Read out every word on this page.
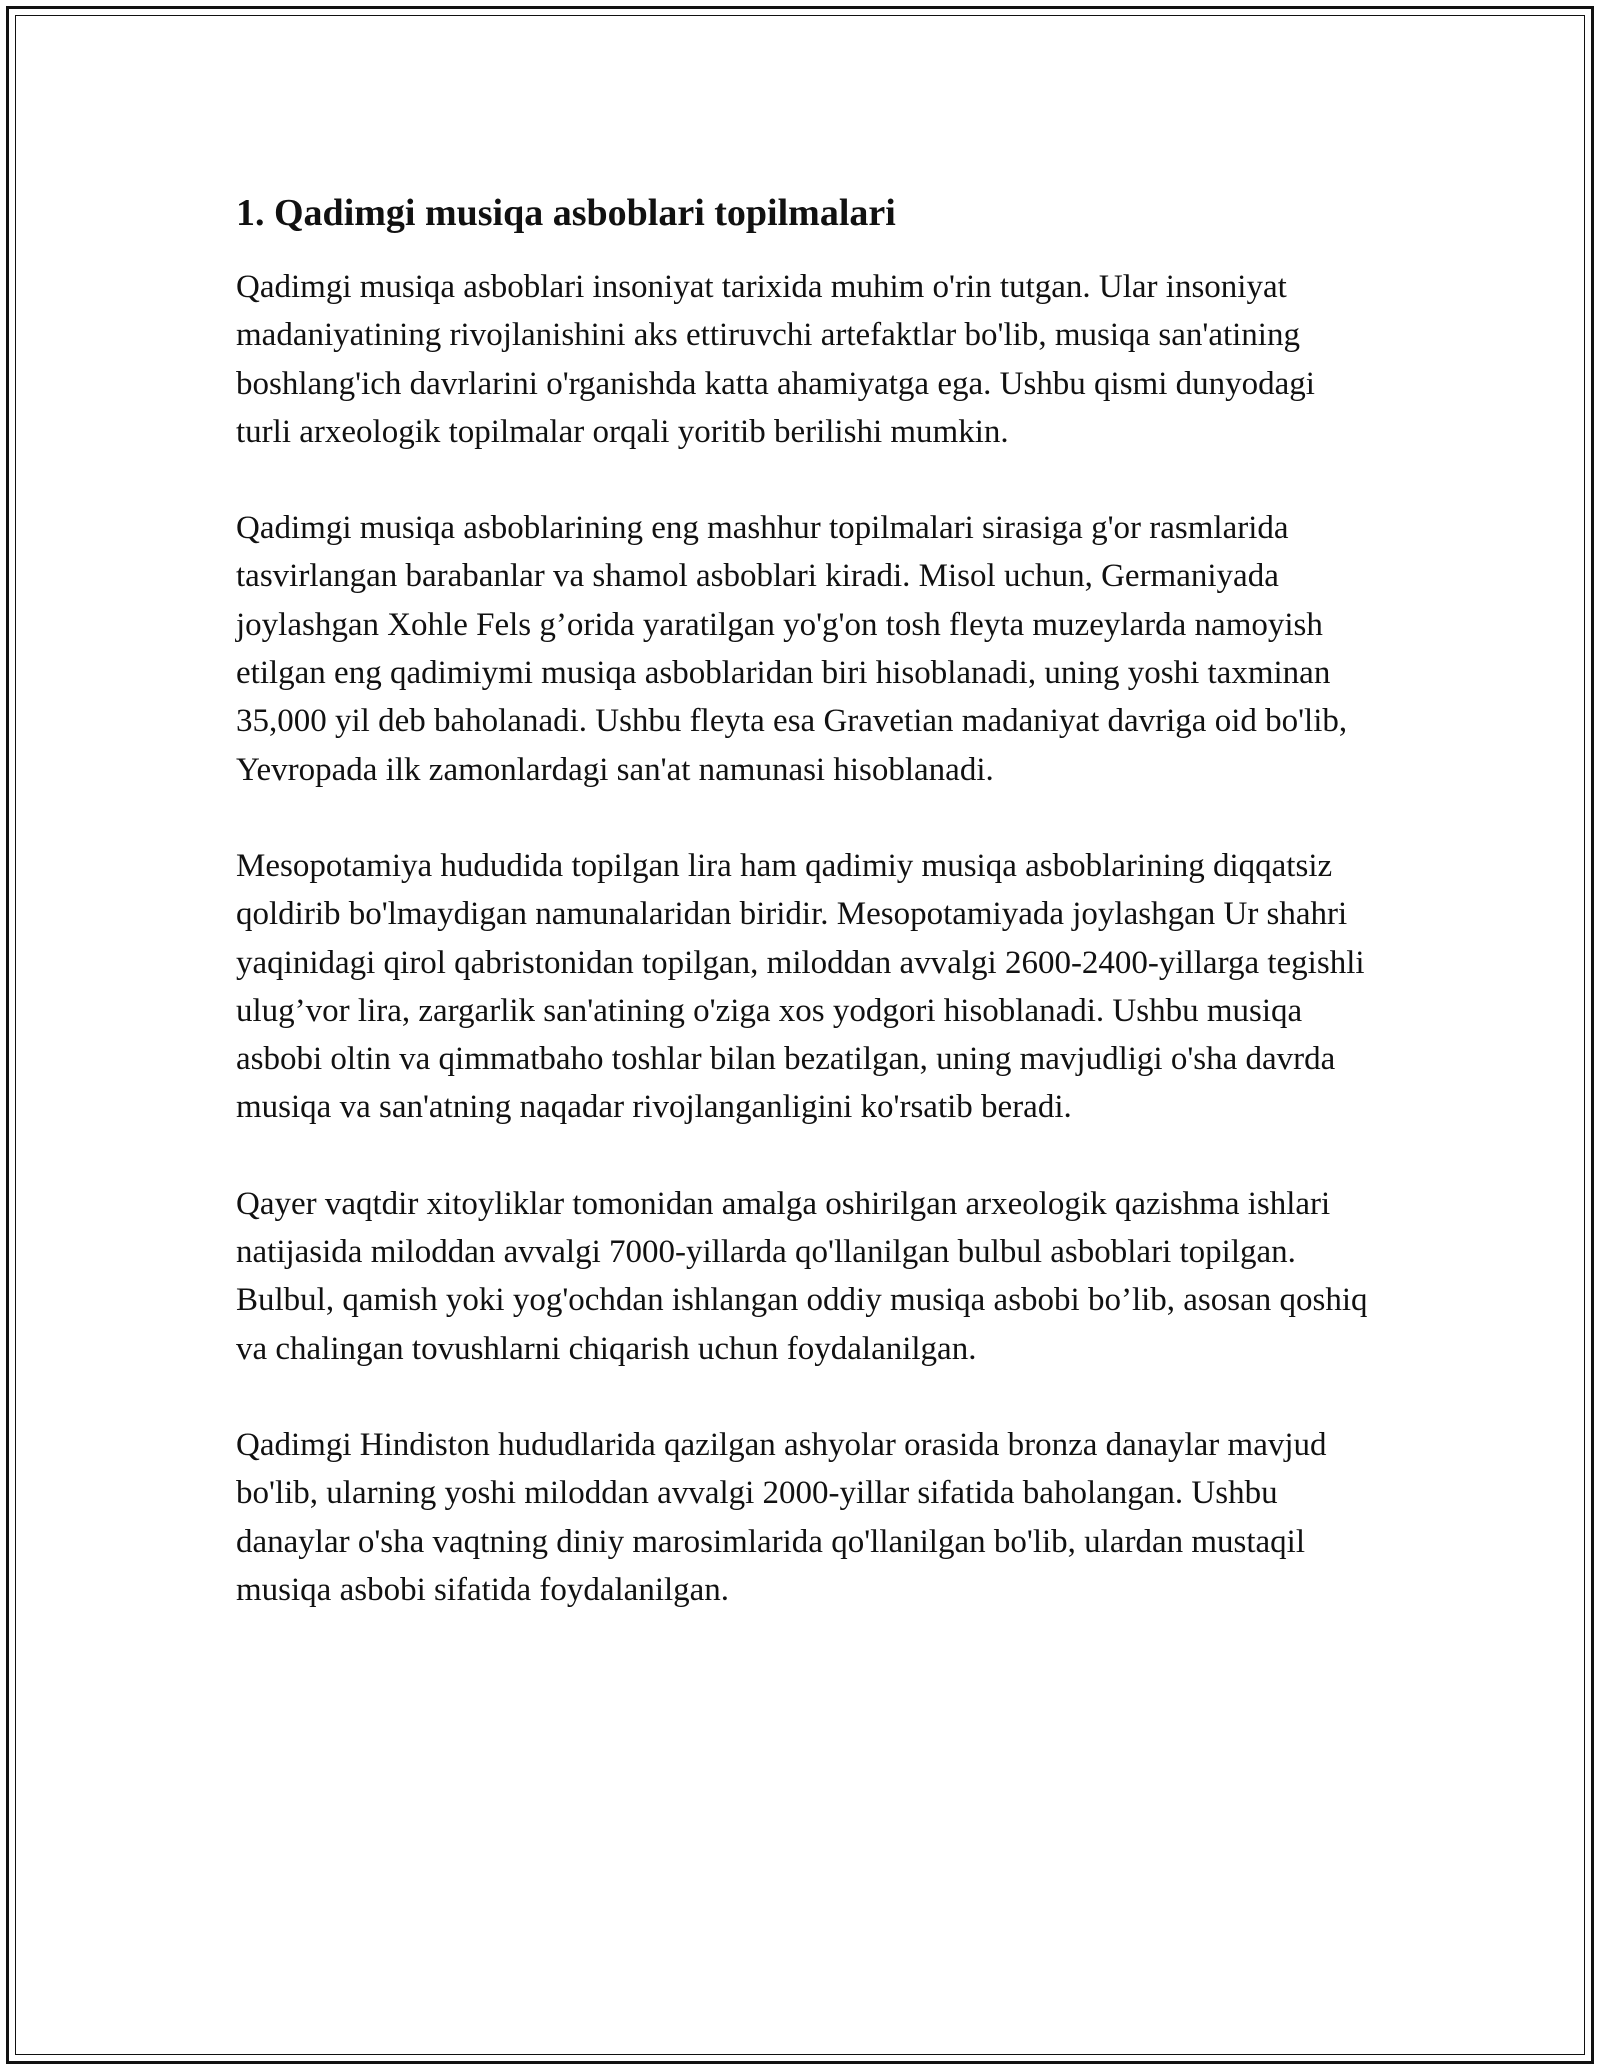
1. Qadimgi musiqa asboblari topilmalari

Qadimgi musiqa asboblari insoniyat tarixida muhim o'rin tutgan. Ular insoniyat madaniyatining rivojlanishini aks ettiruvchi artefaktlar bo'lib, musiqa san'atining boshlang'ich davrlarini o'rganishda katta ahamiyatga ega. Ushbu qismi dunyodagi turli arxeologik topilmalar orqali yoritib berilishi mumkin.

Qadimgi musiqa asboblarining eng mashhur topilmalari sirasiga g'or rasmlarida tasvirlangan barabanlar va shamol asboblari kiradi. Misol uchun, Germaniyada joylashgan Xohle Fels g’orida yaratilgan yo'g'on tosh fleyta muzeylarda namoyish etilgan eng qadimiymi musiqa asboblaridan biri hisoblanadi, uning yoshi taxminan 35,000 yil deb baholanadi. Ushbu fleyta esa Gravetian madaniyat davriga oid bo'lib, Yevropada ilk zamonlardagi san'at namunasi hisoblanadi.

Mesopotamiya hududida topilgan lira ham qadimiy musiqa asboblarining diqqatsiz qoldirib bo'lmaydigan namunalaridan biridir. Mesopotamiyada joylashgan Ur shahri yaqinidagi qirol qabristonidan topilgan, miloddan avvalgi 2600-2400-yillarga tegishli ulug’vor lira, zargarlik san'atining o'ziga xos yodgori hisoblanadi. Ushbu musiqa asbobi oltin va qimmatbaho toshlar bilan bezatilgan, uning mavjudligi o'sha davrda musiqa va san'atning naqadar rivojlanganligini ko'rsatib beradi.

Qayer vaqtdir xitoyliklar tomonidan amalga oshirilgan arxeologik qazishma ishlari natijasida miloddan avvalgi 7000-yillarda qo'llanilgan bulbul asboblari topilgan. Bulbul, qamish yoki yog'ochdan ishlangan oddiy musiqa asbobi bo’lib, asosan qoshiq va chalingan tovushlarni chiqarish uchun foydalanilgan.

Qadimgi Hindiston hududlarida qazilgan ashyolar orasida bronza danaylar mavjud bo'lib, ularning yoshi miloddan avvalgi 2000-yillar sifatida baholangan. Ushbu danaylar o'sha vaqtning diniy marosimlarida qo'llanilgan bo'lib, ulardan mustaqil musiqa asbobi sifatida foydalanilgan.
